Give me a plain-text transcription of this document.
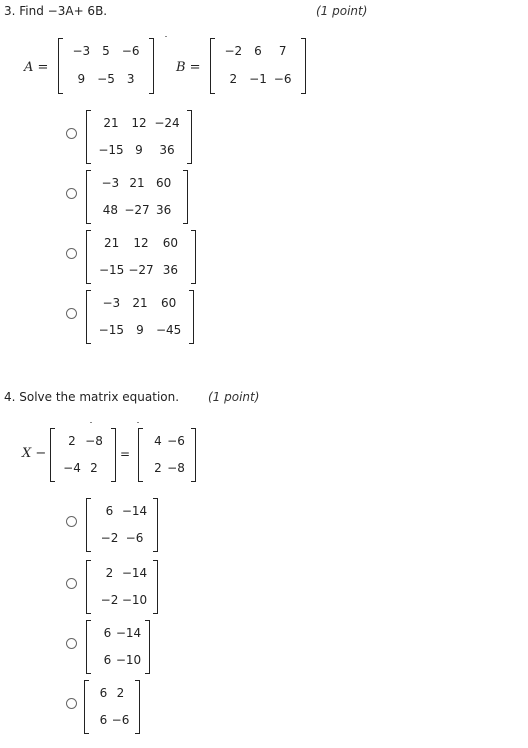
3. Find −3A+ 6B.	(1 point)
A =
−3 5 −6
9 −5 3
B =
−2 6 7
2 −1 −6
21 12 −24
−15 9 36
−3 21 60
48 −27 36
21 12 60
−15 −27 36
−3 21 60
−15 9 −45
4. Solve the matrix equation. (1 point)
X −
2 −8
−4 2
=
4 −6
2 −8
6 −14
−2 −6
2 −14
−2 −10
6 −14
6 −10
6 2
6 −6
